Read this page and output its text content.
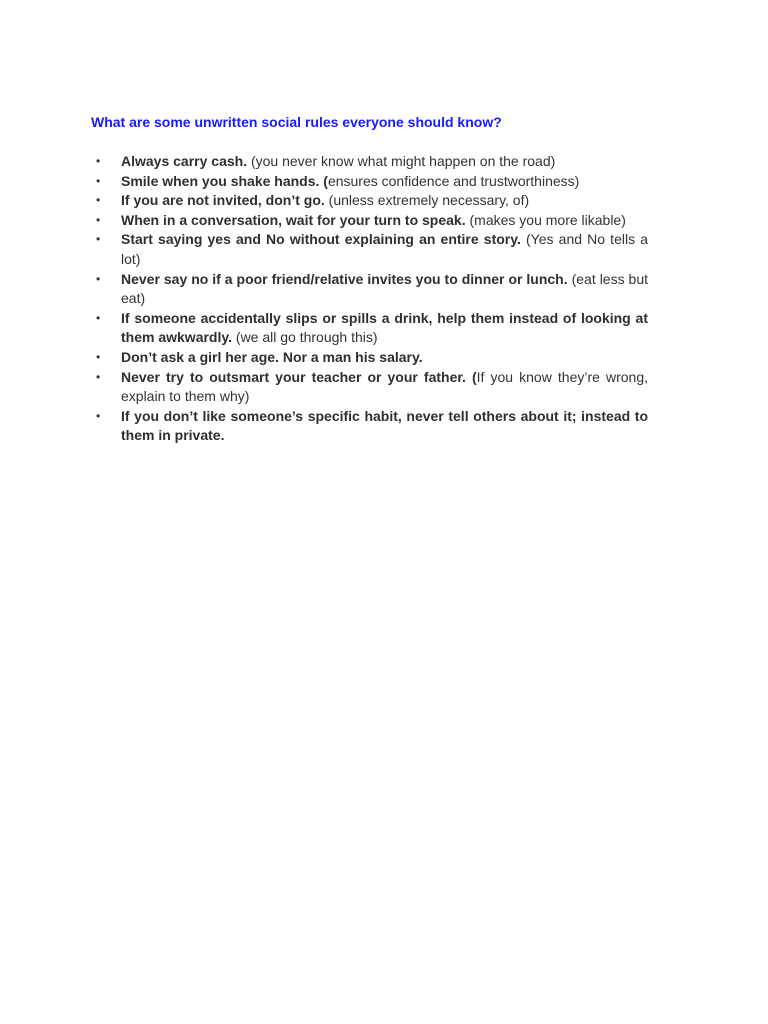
What are some unwritten social rules everyone should know?

• Always carry cash. (you never know what might happen on the road)
• Smile when you shake hands. (ensures confidence and trustworthiness)
• If you are not invited, don’t go. (unless extremely necessary, of)
• When in a conversation, wait for your turn to speak. (makes you more likable)
• Start saying yes and No without explaining an entire story. (Yes and No tells a lot)
• Never say no if a poor friend/relative invites you to dinner or lunch. (eat less but eat)
• If someone accidentally slips or spills a drink, help them instead of looking at them awkwardly. (we all go through this)
• Don’t ask a girl her age. Nor a man his salary.
• Never try to outsmart your teacher or your father. (If you know they’re wrong, explain to them why)
• If you don’t like someone’s specific habit, never tell others about it; instead to them in private.
